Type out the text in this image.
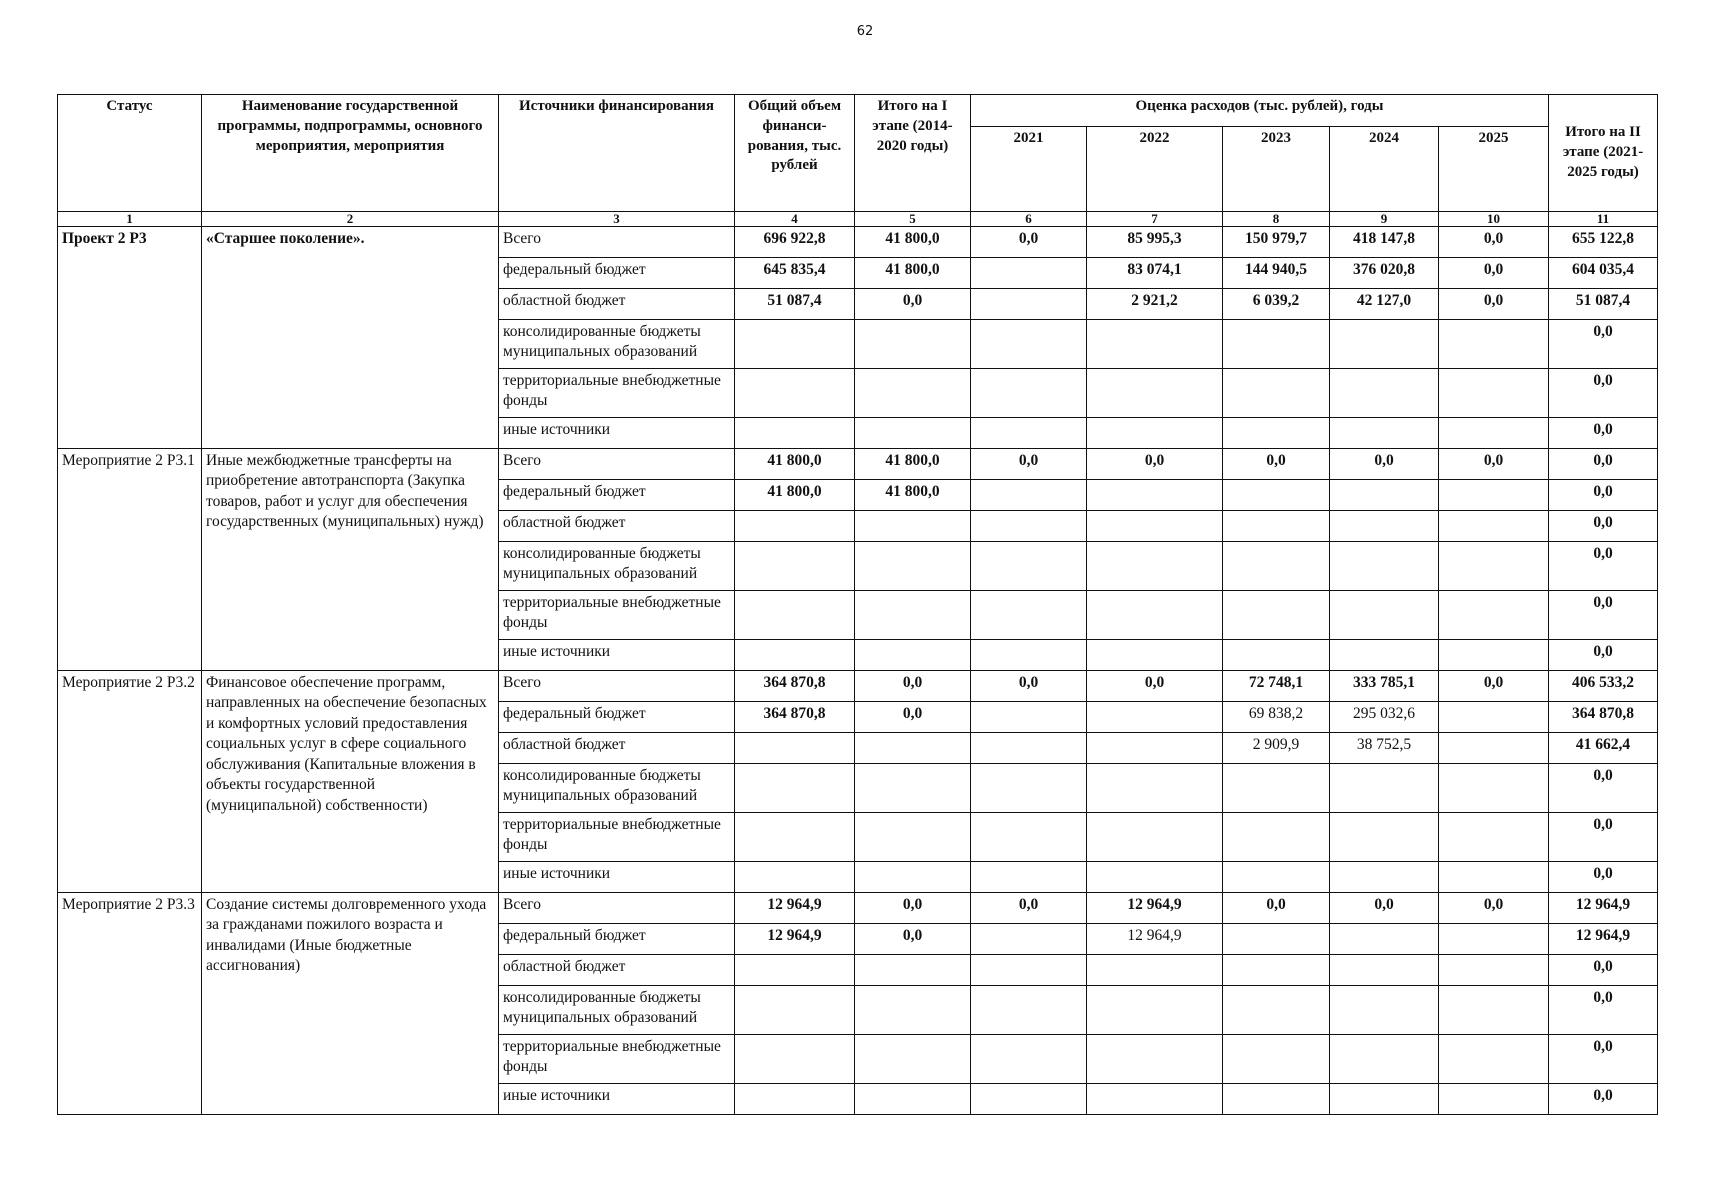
62
Статус	Наименование государственной программы, подпрограммы, основного мероприятия, мероприятия	Источники финансирования	Общий объем финанси-рования, тыс. рублей	Итого на I этапе (2014-2020 годы)	Оценка расходов (тыс. рублей), годы					Итого на II этапе (2021-2025 годы)
					2021	2022	2023	2024	2025	
1	2	3	4	5	6	7	8	9	10	11
Проект 2 Р3	«Старшее поколение».	Всего	696 922,8	41 800,0	0,0	85 995,3	150 979,7	418 147,8	0,0	655 122,8
		федеральный бюджет	645 835,4	41 800,0		83 074,1	144 940,5	376 020,8	0,0	604 035,4
		областной бюджет	51 087,4	0,0		2 921,2	6 039,2	42 127,0	0,0	51 087,4
		консолидированные бюджеты муниципальных образований								0,0
		территориальные внебюджетные фонды								0,0
		иные источники								0,0
Мероприятие 2 Р3.1	Иные межбюджетные трансферты на приобретение автотранспорта (Закупка товаров, работ и услуг для обеспечения государственных (муниципальных) нужд)	Всего	41 800,0	41 800,0	0,0	0,0	0,0	0,0	0,0	0,0
		федеральный бюджет	41 800,0	41 800,0						0,0
		областной бюджет								0,0
		консолидированные бюджеты муниципальных образований								0,0
		территориальные внебюджетные фонды								0,0
		иные источники								0,0
Мероприятие 2 Р3.2	Финансовое обеспечение программ, направленных на обеспечение безопасных и комфортных условий предоставления социальных услуг в сфере социального обслуживания (Капитальные вложения в объекты государственной (муниципальной) собственности)	Всего	364 870,8	0,0	0,0	0,0	72 748,1	333 785,1	0,0	406 533,2
		федеральный бюджет	364 870,8	0,0			69 838,2	295 032,6		364 870,8
		областной бюджет					2 909,9	38 752,5		41 662,4
		консолидированные бюджеты муниципальных образований								0,0
		территориальные внебюджетные фонды								0,0
		иные источники								0,0
Мероприятие 2 Р3.3	Создание системы долговременного ухода за гражданами пожилого возраста и инвалидами (Иные бюджетные ассигнования)	Всего	12 964,9	0,0	0,0	12 964,9	0,0	0,0	0,0	12 964,9
		федеральный бюджет	12 964,9	0,0		12 964,9				12 964,9
		областной бюджет								0,0
		консолидированные бюджеты муниципальных образований								0,0
		территориальные внебюджетные фонды								0,0
		иные источники								0,0
